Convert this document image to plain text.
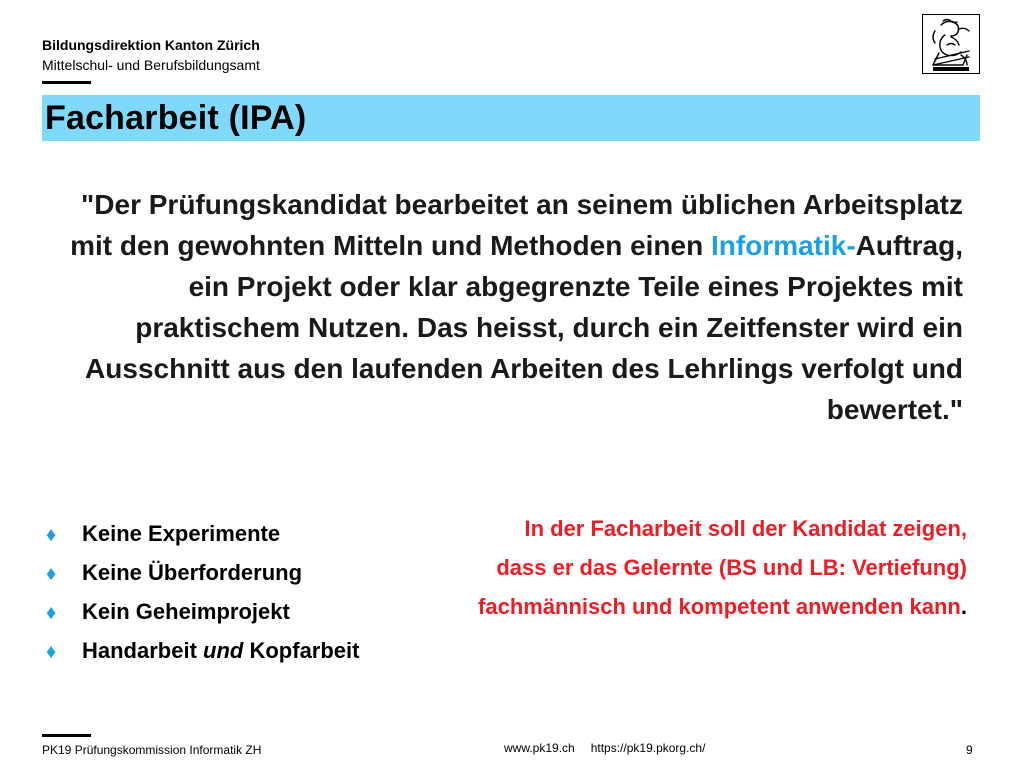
Bildungsdirektion Kanton Zürich
Mittelschul- und Berufsbildungsamt
Facharbeit (IPA)
"Der Prüfungskandidat bearbeitet an seinem üblichen Arbeitsplatz mit den gewohnten Mitteln und Methoden einen Informatik-Auftrag, ein Projekt oder klar abgegrenzte Teile eines Projektes mit praktischem Nutzen. Das heisst, durch ein Zeitfenster wird ein Ausschnitt aus den laufenden Arbeiten des Lehrlings verfolgt und bewertet."
♦ Keine Experimente
♦ Keine Überforderung
♦ Kein Geheimprojekt
♦ Handarbeit und Kopfarbeit
In der Facharbeit soll der Kandidat zeigen, dass er das Gelernte (BS und LB: Vertiefung) fachmännisch und kompetent anwenden kann.
PK19 Prüfungskommission Informatik ZH	www.pk19.ch https://pk19.pkorg.ch/	9
